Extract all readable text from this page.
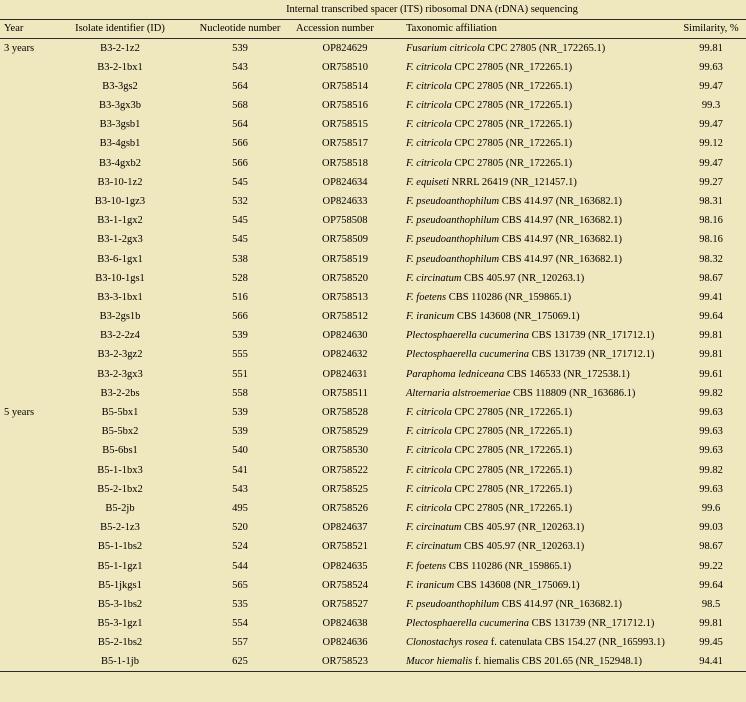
		Internal transcribed spacer (ITS) ribosomal DNA (rDNA) sequencing			
Year	Isolate identifier (ID)	Nucleotide number	Accession number	Taxonomic affiliation	Similarity, %
3 years	B3-2-1z2	539	OP824629	Fusarium citricola CPC 27805 (NR_172265.1)	99.81
	B3-2-1bx1	543	OR758510	F. citricola CPC 27805 (NR_172265.1)	99.63
	B3-3gs2	564	OR758514	F. citricola CPC 27805 (NR_172265.1)	99.47
	B3-3gx3b	568	OR758516	F. citricola CPC 27805 (NR_172265.1)	99.3
	B3-3gsb1	564	OR758515	F. citricola CPC 27805 (NR_172265.1)	99.47
	B3-4gsb1	566	OR758517	F. citricola CPC 27805 (NR_172265.1)	99.12
	B3-4gxb2	566	OR758518	F. citricola CPC 27805 (NR_172265.1)	99.47
	B3-10-1z2	545	OP824634	F. equiseti NRRL 26419 (NR_121457.1)	99.27
	B3-10-1gz3	532	OP824633	F. pseudoanthophilum CBS 414.97 (NR_163682.1)	98.31
	B3-1-1gx2	545	OP758508	F. pseudoanthophilum CBS 414.97 (NR_163682.1)	98.16
	B3-1-2gx3	545	OR758509	F. pseudoanthophilum CBS 414.97 (NR_163682.1)	98.16
	B3-6-1gx1	538	OR758519	F. pseudoanthophilum CBS 414.97 (NR_163682.1)	98.32
	B3-10-1gs1	528	OR758520	F. circinatum CBS 405.97 (NR_120263.1)	98.67
	B3-3-1bx1	516	OR758513	F. foetens CBS 110286 (NR_159865.1)	99.41
	B3-2gs1b	566	OR758512	F. iranicum CBS 143608 (NR_175069.1)	99.64
	B3-2-2z4	539	OP824630	Plectosphaerella cucumerina CBS 131739 (NR_171712.1)	99.81
	B3-2-3gz2	555	OP824632	Plectosphaerella cucumerina CBS 131739 (NR_171712.1)	99.81
	B3-2-3gx3	551	OP824631	Paraphoma ledniceana CBS 146533 (NR_172538.1)	99.61
	B3-2-2bs	558	OR758511	Alternaria alstroemeriae CBS 118809 (NR_163686.1)	99.82
5 years	B5-5bx1	539	OR758528	F. citricola CPC 27805 (NR_172265.1)	99.63
	B5-5bx2	539	OR758529	F. citricola CPC 27805 (NR_172265.1)	99.63
	B5-6bs1	540	OR758530	F. citricola CPC 27805 (NR_172265.1)	99.63
	B5-1-1bx3	541	OR758522	F. citricola CPC 27805 (NR_172265.1)	99.82
	B5-2-1bx2	543	OR758525	F. citricola CPC 27805 (NR_172265.1)	99.63
	B5-2jb	495	OR758526	F. citricola CPC 27805 (NR_172265.1)	99.6
	B5-2-1z3	520	OP824637	F. circinatum CBS 405.97 (NR_120263.1)	99.03
	B5-1-1bs2	524	OR758521	F. circinatum CBS 405.97 (NR_120263.1)	98.67
	B5-1-1gz1	544	OP824635	F. foetens CBS 110286 (NR_159865.1)	99.22
	B5-1jkgs1	565	OR758524	F. iranicum CBS 143608 (NR_175069.1)	99.64
	B5-3-1bs2	535	OR758527	F. pseudoanthophilum CBS 414.97 (NR_163682.1)	98.5
	B5-3-1gz1	554	OP824638	Plectosphaerella cucumerina CBS 131739 (NR_171712.1)	99.81
	B5-2-1bs2	557	OP824636	Clonostachys rosea f. catenulata CBS 154.27 (NR_165993.1)	99.45
	B5-1-1jb	625	OR758523	Mucor hiemalis f. hiemalis CBS 201.65 (NR_152948.1)	94.41
